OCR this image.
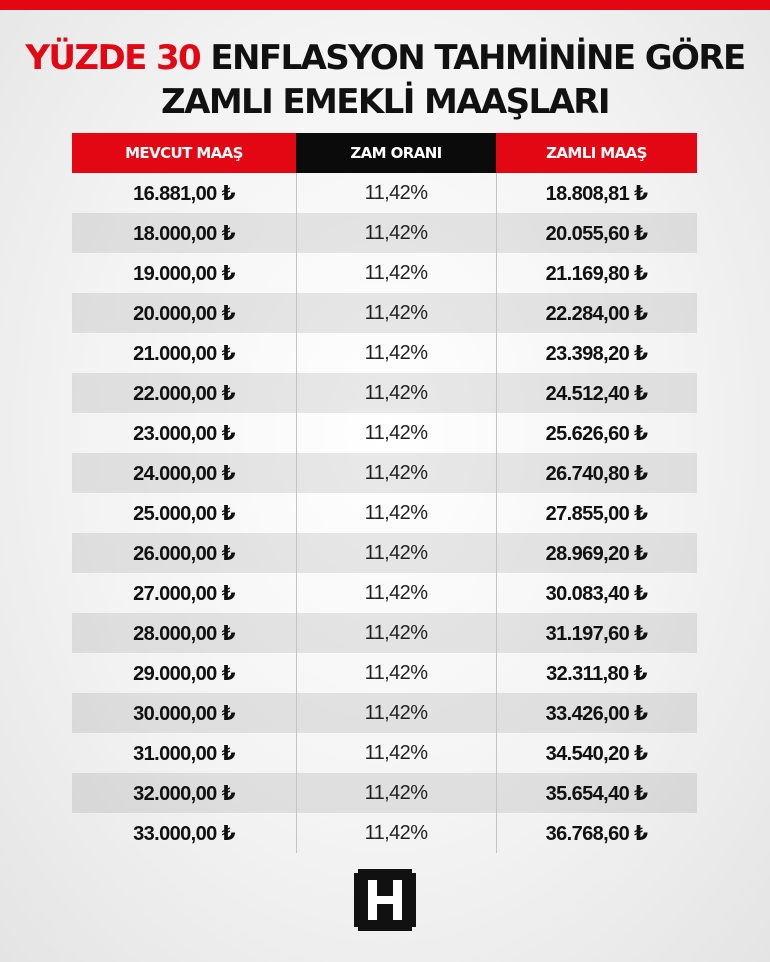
YÜZDE 30 ENFLASYON TAHMİNİNE GÖRE
ZAMLI EMEKLİ MAAŞLARI
MEVCUT MAAŞ	ZAM ORANI	ZAMLI MAAŞ
16.881,00 ₺	11,42%	18.808,81 ₺
18.000,00 ₺	11,42%	20.055,60 ₺
19.000,00 ₺	11,42%	21.169,80 ₺
20.000,00 ₺	11,42%	22.284,00 ₺
21.000,00 ₺	11,42%	23.398,20 ₺
22.000,00 ₺	11,42%	24.512,40 ₺
23.000,00 ₺	11,42%	25.626,60 ₺
24.000,00 ₺	11,42%	26.740,80 ₺
25.000,00 ₺	11,42%	27.855,00 ₺
26.000,00 ₺	11,42%	28.969,20 ₺
27.000,00 ₺	11,42%	30.083,40 ₺
28.000,00 ₺	11,42%	31.197,60 ₺
29.000,00 ₺	11,42%	32.311,80 ₺
30.000,00 ₺	11,42%	33.426,00 ₺
31.000,00 ₺	11,42%	34.540,20 ₺
32.000,00 ₺	11,42%	35.654,40 ₺
33.000,00 ₺	11,42%	36.768,60 ₺
